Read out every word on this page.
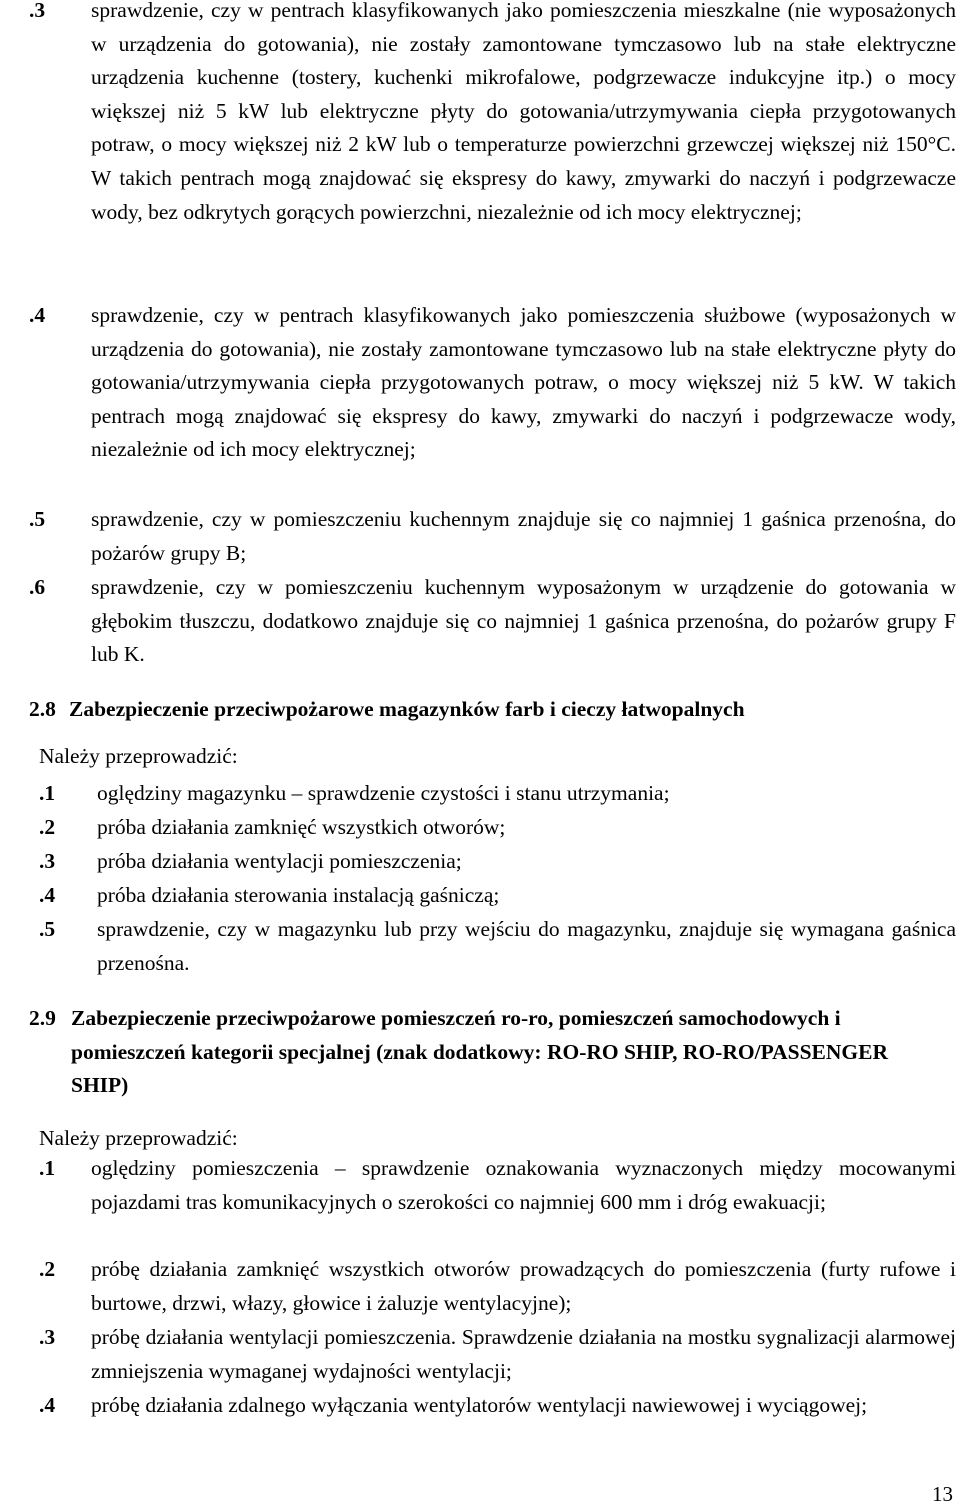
.3	sprawdzenie, czy w pentrach klasyfikowanych jako pomieszczenia mieszkalne (nie wyposażonych w urządzenia do gotowania), nie zostały zamontowane tymczasowo lub na stałe elektryczne urządzenia kuchenne (tostery, kuchenki mikrofalowe, podgrzewacze indukcyjne itp.) o mocy większej niż 5 kW lub elektryczne płyty do gotowania/utrzymywania ciepła przygotowanych potraw, o mocy większej niż 2 kW lub o temperaturze powierzchni grzewczej większej niż 150°C. W takich pentrach mogą znajdować się ekspresy do kawy, zmywarki do naczyń i podgrzewacze wody, bez odkrytych gorących powierzchni, niezależnie od ich mocy elektrycznej;
.4	sprawdzenie, czy w pentrach klasyfikowanych jako pomieszczenia służbowe (wyposażonych w urządzenia do gotowania), nie zostały zamontowane tymczasowo lub na stałe elektryczne płyty do gotowania/utrzymywania ciepła przygotowanych potraw, o mocy większej niż 5 kW. W takich pentrach mogą znajdować się ekspresy do kawy, zmywarki do naczyń i podgrzewacze wody, niezależnie od ich mocy elektrycznej;
.5	sprawdzenie, czy w pomieszczeniu kuchennym znajduje się co najmniej 1 gaśnica przenośna, do pożarów grupy B;
.6	sprawdzenie, czy w pomieszczeniu kuchennym wyposażonym w urządzenie do gotowania w głębokim tłuszczu, dodatkowo znajduje się co najmniej 1 gaśnica przenośna, do pożarów grupy F lub K.
2.8 Zabezpieczenie przeciwpożarowe magazynków farb i cieczy łatwopalnych
Należy przeprowadzić:
.1	oględziny magazynku – sprawdzenie czystości i stanu utrzymania;
.2	próba działania zamknięć wszystkich otworów;
.3	próba działania wentylacji pomieszczenia;
.4	próba działania sterowania instalacją gaśniczą;
.5	sprawdzenie, czy w magazynku lub przy wejściu do magazynku, znajduje się wymagana gaśnica przenośna.
2.9 Zabezpieczenie przeciwpożarowe pomieszczeń ro-ro, pomieszczeń samochodowych i pomieszczeń kategorii specjalnej (znak dodatkowy: RO-RO SHIP, RO-RO/PASSENGER SHIP)
Należy przeprowadzić:
.1	oględziny pomieszczenia – sprawdzenie oznakowania wyznaczonych między mocowanymi pojazdami tras komunikacyjnych o szerokości co najmniej 600 mm i dróg ewakuacji;
.2	próbę działania zamknięć wszystkich otworów prowadzących do pomieszczenia (furty rufowe i burtowe, drzwi, włazy, głowice i żaluzje wentylacyjne);
.3	próbę działania wentylacji pomieszczenia. Sprawdzenie działania na mostku sygnalizacji alarmowej zmniejszenia wymaganej wydajności wentylacji;
.4	próbę działania zdalnego wyłączania wentylatorów wentylacji nawiewowej i wyciągowej;
13
